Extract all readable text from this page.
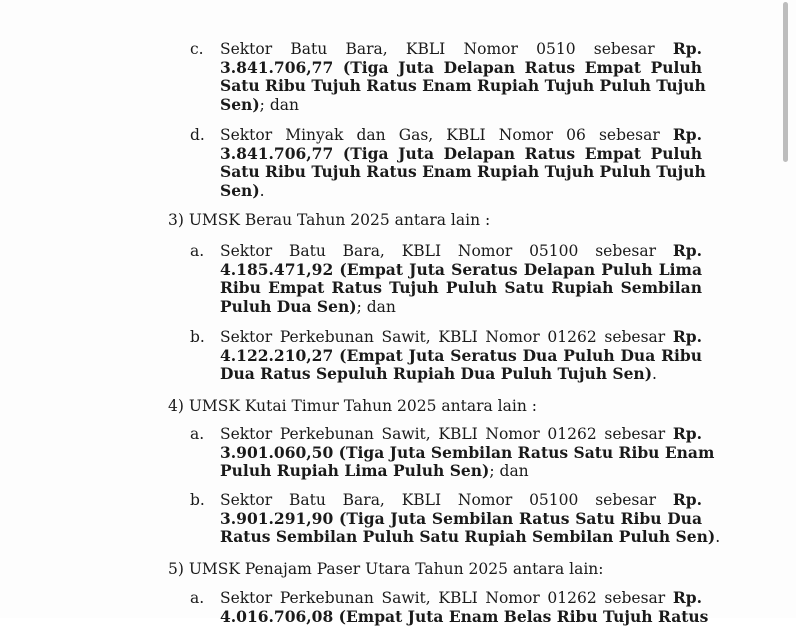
c. Sektor Batu Bara, KBLI Nomor 0510 sebesar Rp.
3.841.706,77 (Tiga Juta Delapan Ratus Empat Puluh
Satu Ribu Tujuh Ratus Enam Rupiah Tujuh Puluh Tujuh
Sen); dan
d. Sektor Minyak dan Gas, KBLI Nomor 06 sebesar Rp.
3.841.706,77 (Tiga Juta Delapan Ratus Empat Puluh
Satu Ribu Tujuh Ratus Enam Rupiah Tujuh Puluh Tujuh
Sen).
3) UMSK Berau Tahun 2025 antara lain :
a. Sektor Batu Bara, KBLI Nomor 05100 sebesar Rp.
4.185.471,92 (Empat Juta Seratus Delapan Puluh Lima
Ribu Empat Ratus Tujuh Puluh Satu Rupiah Sembilan
Puluh Dua Sen); dan
b. Sektor Perkebunan Sawit, KBLI Nomor 01262 sebesar Rp.
4.122.210,27 (Empat Juta Seratus Dua Puluh Dua Ribu
Dua Ratus Sepuluh Rupiah Dua Puluh Tujuh Sen).
4) UMSK Kutai Timur Tahun 2025 antara lain :
a. Sektor Perkebunan Sawit, KBLI Nomor 01262 sebesar Rp.
3.901.060,50 (Tiga Juta Sembilan Ratus Satu Ribu Enam
Puluh Rupiah Lima Puluh Sen); dan
b. Sektor Batu Bara, KBLI Nomor 05100 sebesar Rp.
3.901.291,90 (Tiga Juta Sembilan Ratus Satu Ribu Dua
Ratus Sembilan Puluh Satu Rupiah Sembilan Puluh Sen).
5) UMSK Penajam Paser Utara Tahun 2025 antara lain:
a. Sektor Perkebunan Sawit, KBLI Nomor 01262 sebesar Rp.
4.016.706,08 (Empat Juta Enam Belas Ribu Tujuh Ratus
